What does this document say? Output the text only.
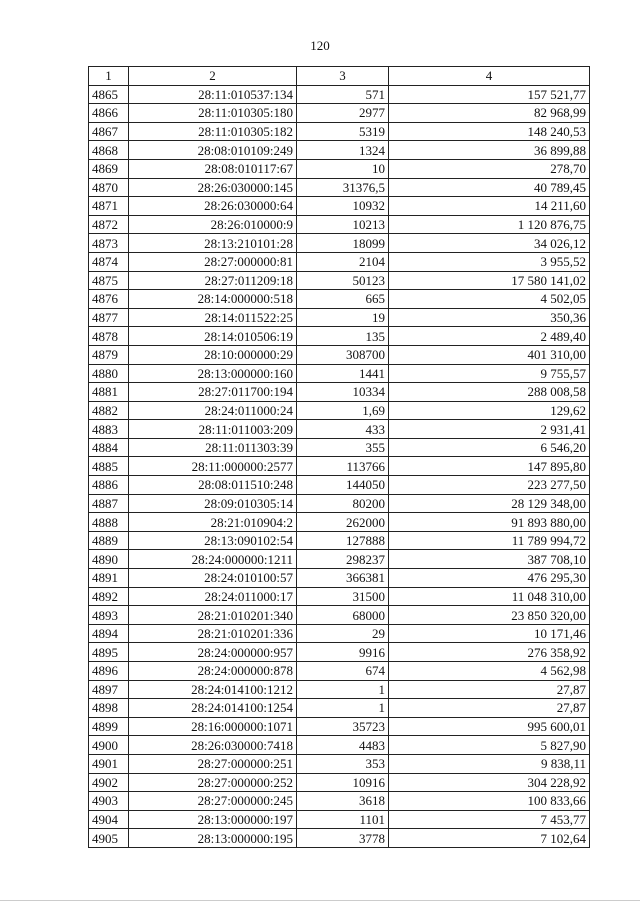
120
1	2	3	4
4865	28:11:010537:134	571	157 521,77
4866	28:11:010305:180	2977	82 968,99
4867	28:11:010305:182	5319	148 240,53
4868	28:08:010109:249	1324	36 899,88
4869	28:08:010117:67	10	278,70
4870	28:26:030000:145	31376,5	40 789,45
4871	28:26:030000:64	10932	14 211,60
4872	28:26:010000:9	10213	1 120 876,75
4873	28:13:210101:28	18099	34 026,12
4874	28:27:000000:81	2104	3 955,52
4875	28:27:011209:18	50123	17 580 141,02
4876	28:14:000000:518	665	4 502,05
4877	28:14:011522:25	19	350,36
4878	28:14:010506:19	135	2 489,40
4879	28:10:000000:29	308700	401 310,00
4880	28:13:000000:160	1441	9 755,57
4881	28:27:011700:194	10334	288 008,58
4882	28:24:011000:24	1,69	129,62
4883	28:11:011003:209	433	2 931,41
4884	28:11:011303:39	355	6 546,20
4885	28:11:000000:2577	113766	147 895,80
4886	28:08:011510:248	144050	223 277,50
4887	28:09:010305:14	80200	28 129 348,00
4888	28:21:010904:2	262000	91 893 880,00
4889	28:13:090102:54	127888	11 789 994,72
4890	28:24:000000:1211	298237	387 708,10
4891	28:24:010100:57	366381	476 295,30
4892	28:24:011000:17	31500	11 048 310,00
4893	28:21:010201:340	68000	23 850 320,00
4894	28:21:010201:336	29	10 171,46
4895	28:24:000000:957	9916	276 358,92
4896	28:24:000000:878	674	4 562,98
4897	28:24:014100:1212	1	27,87
4898	28:24:014100:1254	1	27,87
4899	28:16:000000:1071	35723	995 600,01
4900	28:26:030000:7418	4483	5 827,90
4901	28:27:000000:251	353	9 838,11
4902	28:27:000000:252	10916	304 228,92
4903	28:27:000000:245	3618	100 833,66
4904	28:13:000000:197	1101	7 453,77
4905	28:13:000000:195	3778	7 102,64
